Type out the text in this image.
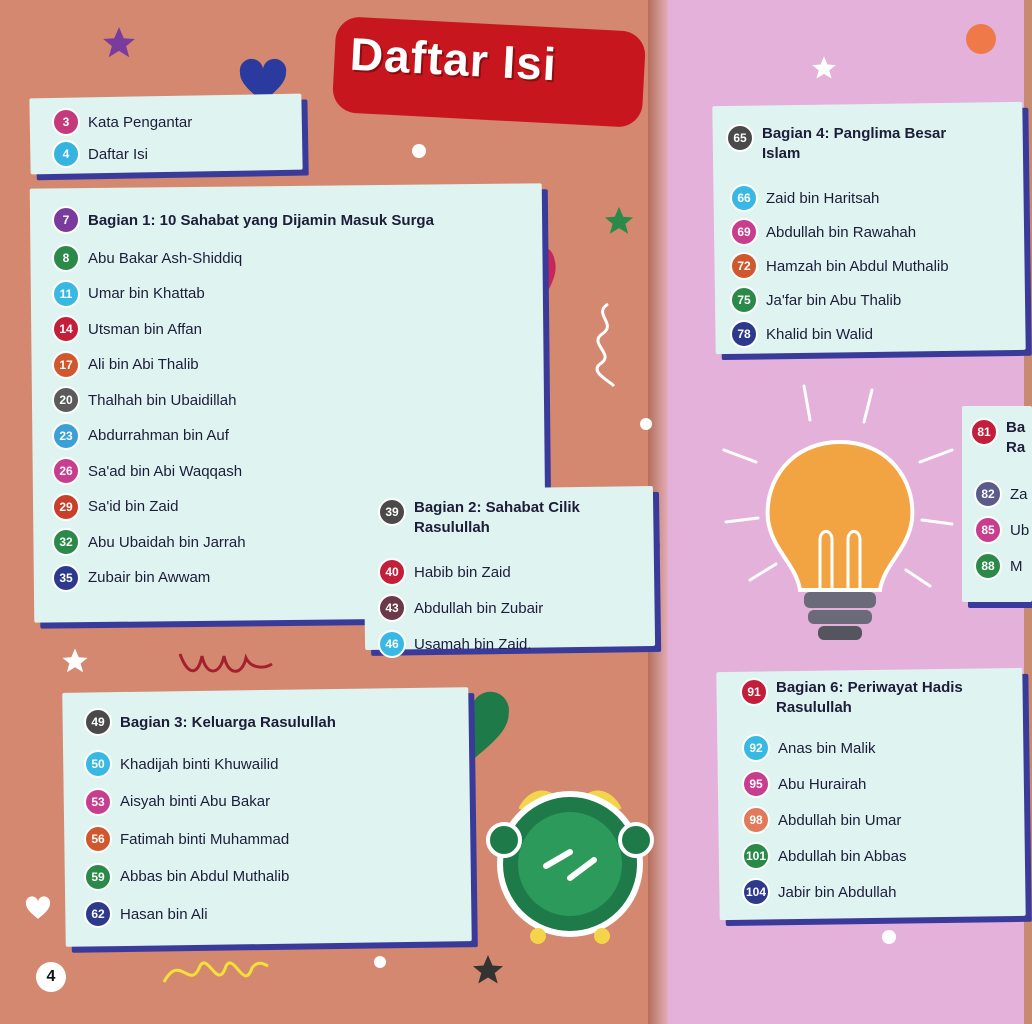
Daftar Isi
3	Kata Pengantar
4	Daftar Isi
7	Bagian 1: 10 Sahabat yang Dijamin Masuk Surga
8	Abu Bakar Ash-Shiddiq
11	Umar bin Khattab
14	Utsman bin Affan
17	Ali bin Abi Thalib
20	Thalhah bin Ubaidillah
23	Abdurrahman bin Auf
26	Sa'ad bin Abi Waqqash
29	Sa'id bin Zaid
32	Abu Ubaidah bin Jarrah
35	Zubair bin Awwam
39	Bagian 2: Sahabat Cilik
Rasulullah
40	Habib bin Zaid
43	Abdullah bin Zubair
46	Usamah bin Zaid.
49	Bagian 3: Keluarga Rasulullah
50	Khadijah binti Khuwailid
53	Aisyah binti Abu Bakar
56	Fatimah binti Muhammad
59	Abbas bin Abdul Muthalib
62	Hasan bin Ali
65	Bagian 4: Panglima Besar
Islam
66	Zaid bin Haritsah
69	Abdullah bin Rawahah
72	Hamzah bin Abdul Muthalib
75	Ja'far bin Abu Thalib
78	Khalid bin Walid
81	Ba
Ra
82	Za
85	Ub
88	M
91	Bagian 6: Periwayat Hadis
Rasulullah
92	Anas bin Malik
95	Abu Hurairah
98	Abdullah bin Umar
101 Abdullah bin Abbas
104 Jabir bin Abdullah
4
